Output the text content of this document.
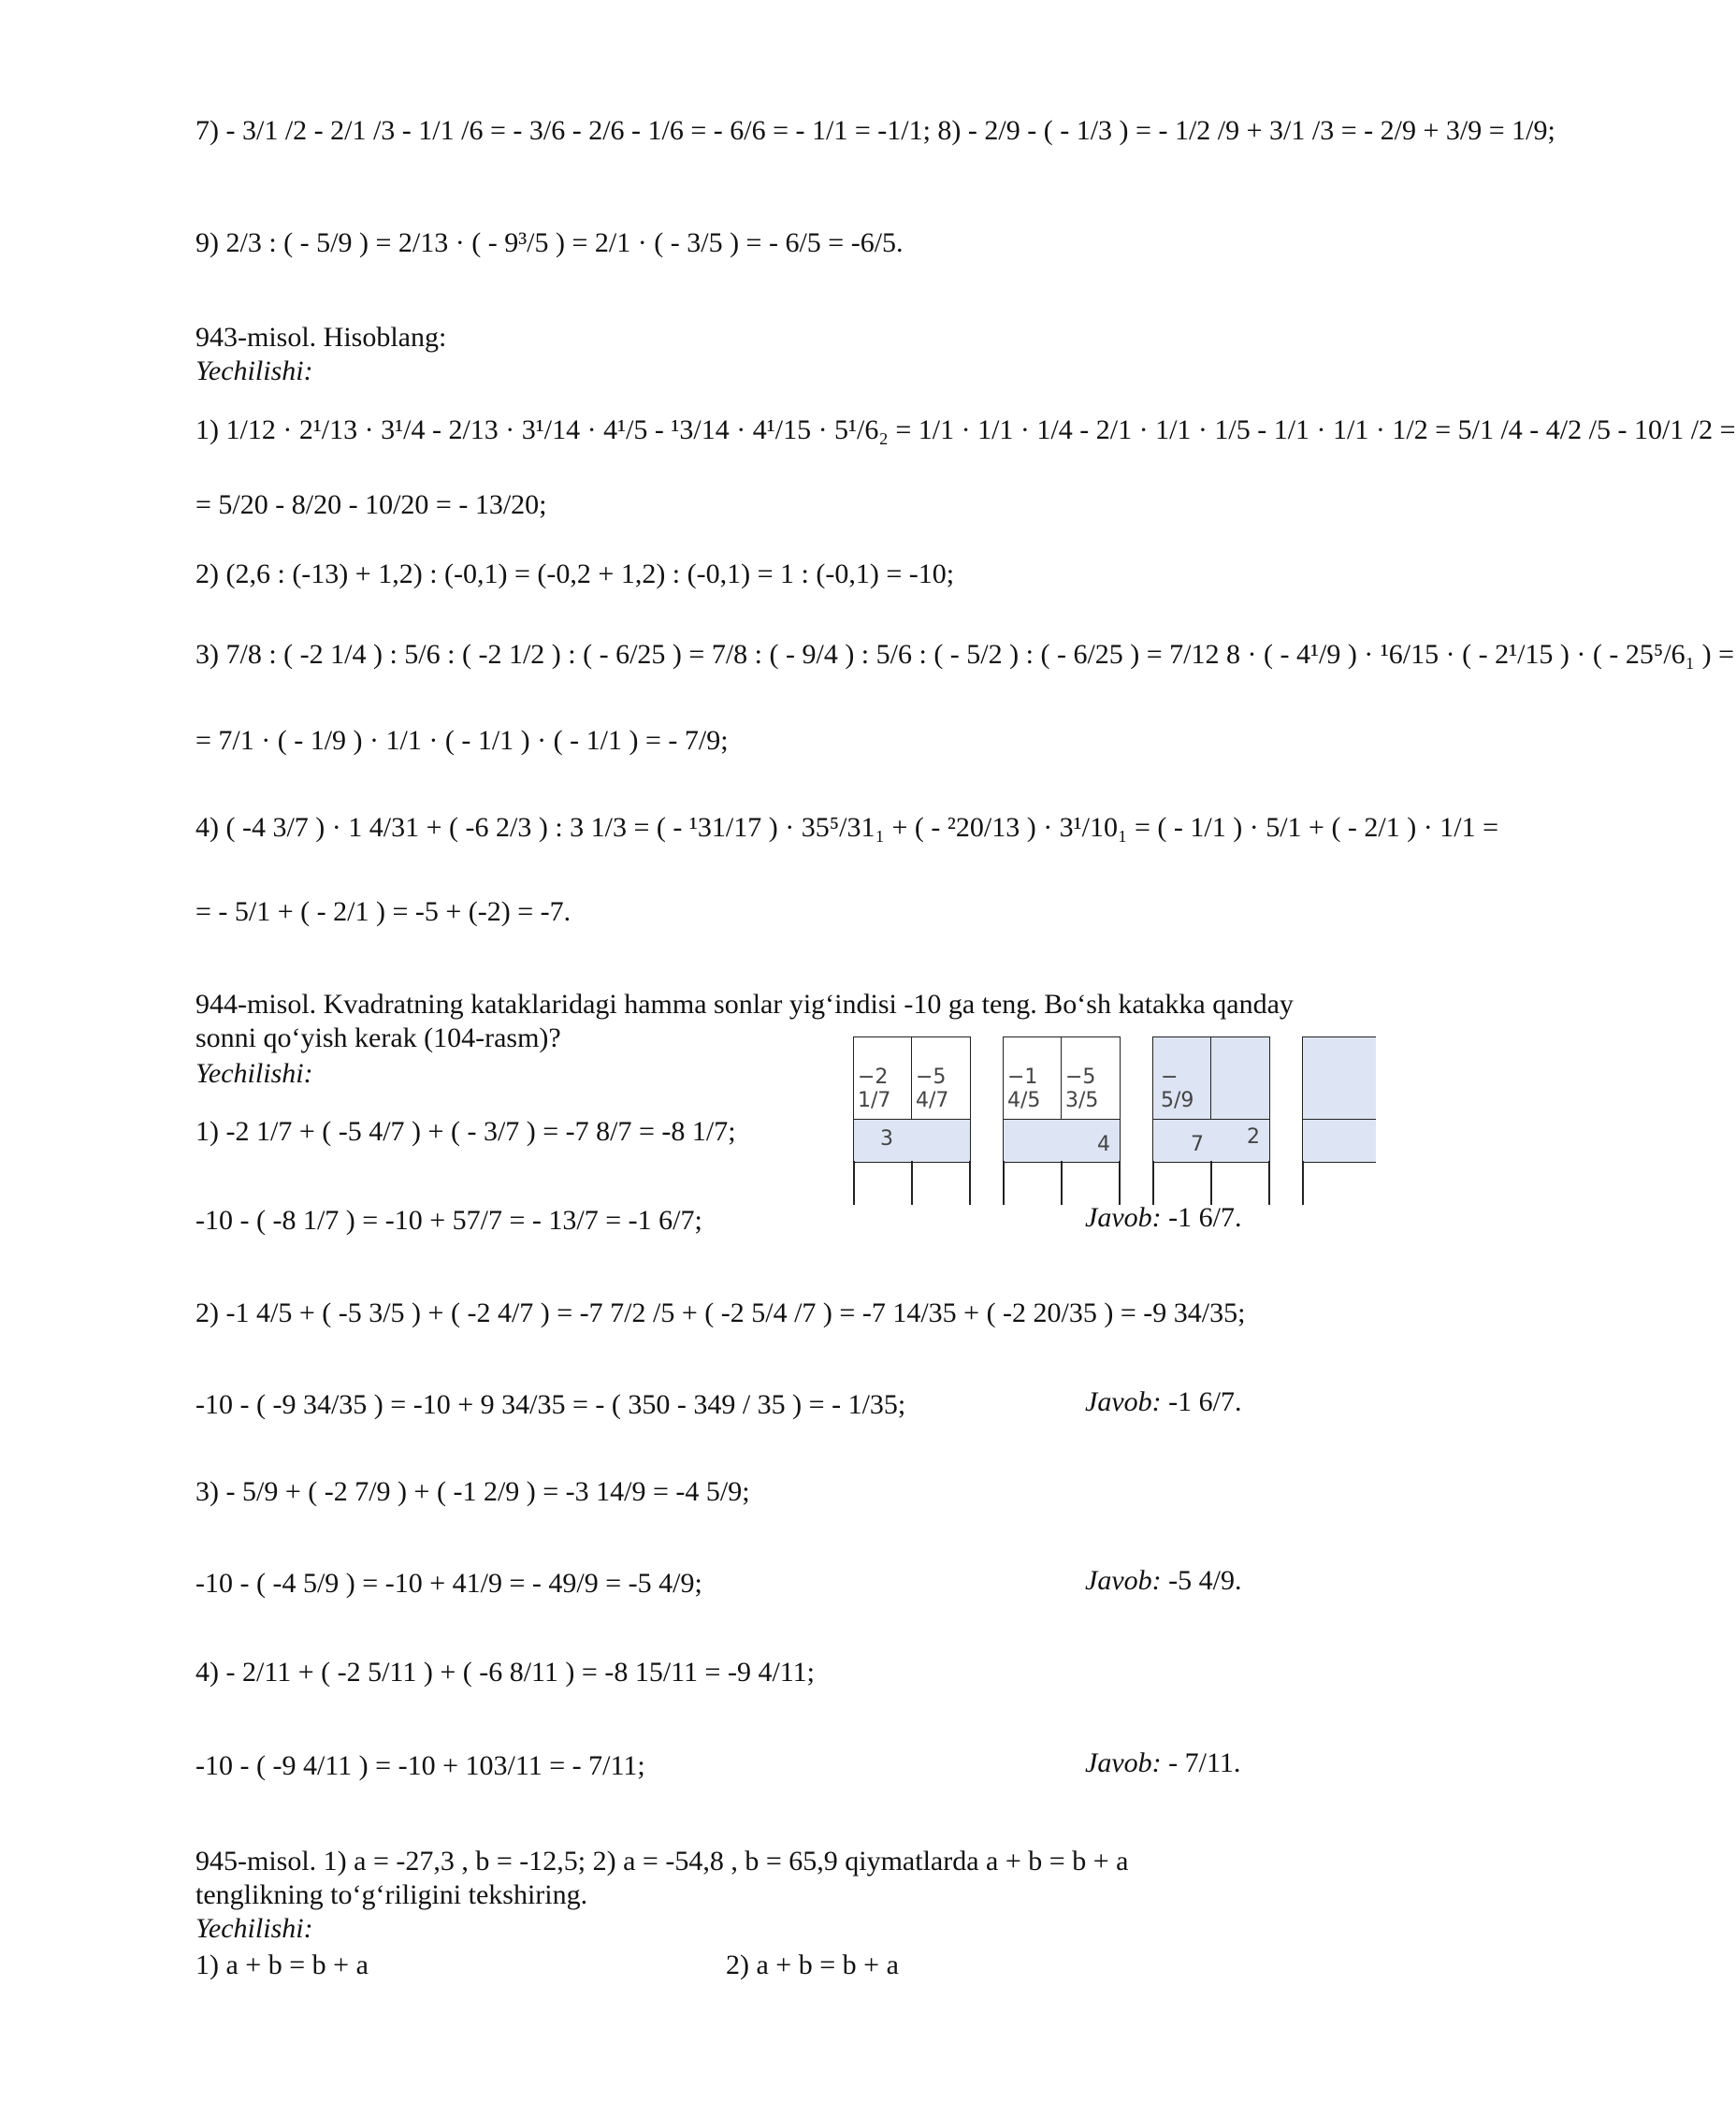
7) - 3/1 /2 - 2/1 /3 - 1/1 /6 = - 3/6 - 2/6 - 1/6 = - 6/6 = - 1/1 = -1/1; 8) - 2/9 - ( - 1/3 ) = - 1/2 /9 + 3/1 /3 = - 2/9 + 3/9 = 1/9;
9) 2/3 : ( - 5/9 ) = 2/13 · ( - 9³/5 ) = 2/1 · ( - 3/5 ) = - 6/5 = -6/5.
943-misol. Hisoblang:
Yechilishi:
1) 1/12 · 2¹/13 · 3¹/4 - 2/13 · 3¹/14 · 4¹/5 - ¹3/14 · 4¹/15 · 5¹/6₂ = 1/1 · 1/1 · 1/4 - 2/1 · 1/1 · 1/5 - 1/1 · 1/1 · 1/2 = 5/1 /4 - 4/2 /5 - 10/1 /2 =
= 5/20 - 8/20 - 10/20 = - 13/20;
2) (2,6 : (-13) + 1,2) : (-0,1) = (-0,2 + 1,2) : (-0,1) = 1 : (-0,1) = -10;
3) 7/8 : ( -2 1/4 ) : 5/6 : ( -2 1/2 ) : ( - 6/25 ) = 7/8 : ( - 9/4 ) : 5/6 : ( - 5/2 ) : ( - 6/25 ) = 7/12 8 · ( - 4¹/9 ) · ¹6/15 · ( - 2¹/15 ) · ( - 25⁵/6₁ ) =
= 7/1 · ( - 1/9 ) · 1/1 · ( - 1/1 ) · ( - 1/1 ) = - 7/9;
4) ( -4 3/7 ) · 1 4/31 + ( -6 2/3 ) : 3 1/3 = ( - ¹31/17 ) · 35⁵/31₁ + ( - ²20/13 ) · 3¹/10₁ = ( - 1/1 ) · 5/1 + ( - 2/1 ) · 1/1 =
= - 5/1 + ( - 2/1 ) = -5 + (-2) = -7.
944-misol. Kvadratning kataklaridagi hamma sonlar yig‘indisi -10 ga teng. Bo‘sh katakka qanday
sonni qo‘yish kerak (104-rasm)?
Yechilishi:	−2 1/7
−5 4/7
3
−1 4/5
−5 3/5
4
− 5/9
7 2
1) -2 1/7 + ( -5 4/7 ) + ( - 3/7 ) = -7 8/7 = -8 1/7;
-10 - ( -8 1/7 ) = -10 + 57/7 = - 13/7 = -1 6/7;	Javob: -1 6/7.
2) -1 4/5 + ( -5 3/5 ) + ( -2 4/7 ) = -7 7/2 /5 + ( -2 5/4 /7 ) = -7 14/35 + ( -2 20/35 ) = -9 34/35;
-10 - ( -9 34/35 ) = -10 + 9 34/35 = - ( 350 - 349 / 35 ) = - 1/35;	Javob: -1 6/7.
3) - 5/9 + ( -2 7/9 ) + ( -1 2/9 ) = -3 14/9 = -4 5/9;
-10 - ( -4 5/9 ) = -10 + 41/9 = - 49/9 = -5 4/9;	Javob: -5 4/9.
4) - 2/11 + ( -2 5/11 ) + ( -6 8/11 ) = -8 15/11 = -9 4/11;
-10 - ( -9 4/11 ) = -10 + 103/11 = - 7/11;	Javob: - 7/11.
945-misol. 1) a = -27,3 , b = -12,5; 2) a = -54,8 , b = 65,9 qiymatlarda a + b = b + a
tenglikning to‘g‘riligini tekshiring.
Yechilishi:
1) a + b = b + a	2) a + b = b + a
